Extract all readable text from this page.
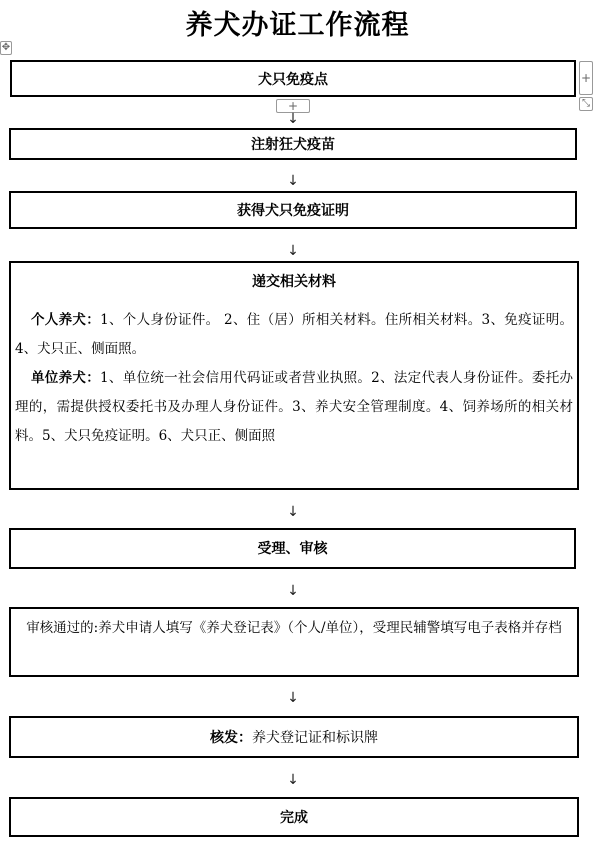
养犬办证工作流程
✥
+
⤡
犬只免疫点
+
↓
注射狂犬疫苗
↓
获得犬只免疫证明
↓
递交相关材料
个人养犬：1、个人身份证件。 2、住（居）所相关材料。住所相关材料。3、免疫证明。4、犬只正、侧面照。
单位养犬：1、单位统一社会信用代码证或者营业执照。2、法定代表人身份证件。委托办理的，需提供授权委托书及办理人身份证件。3、养犬安全管理制度。4、饲养场所的相关材料。5、犬只免疫证明。6、犬只正、侧面照
↓
受理、审核
↓
审核通过的:养犬申请人填写《养犬登记表》（个人/单位），受理民辅警填写电子表格并存档
↓
核发：养犬登记证和标识牌
↓
完成
